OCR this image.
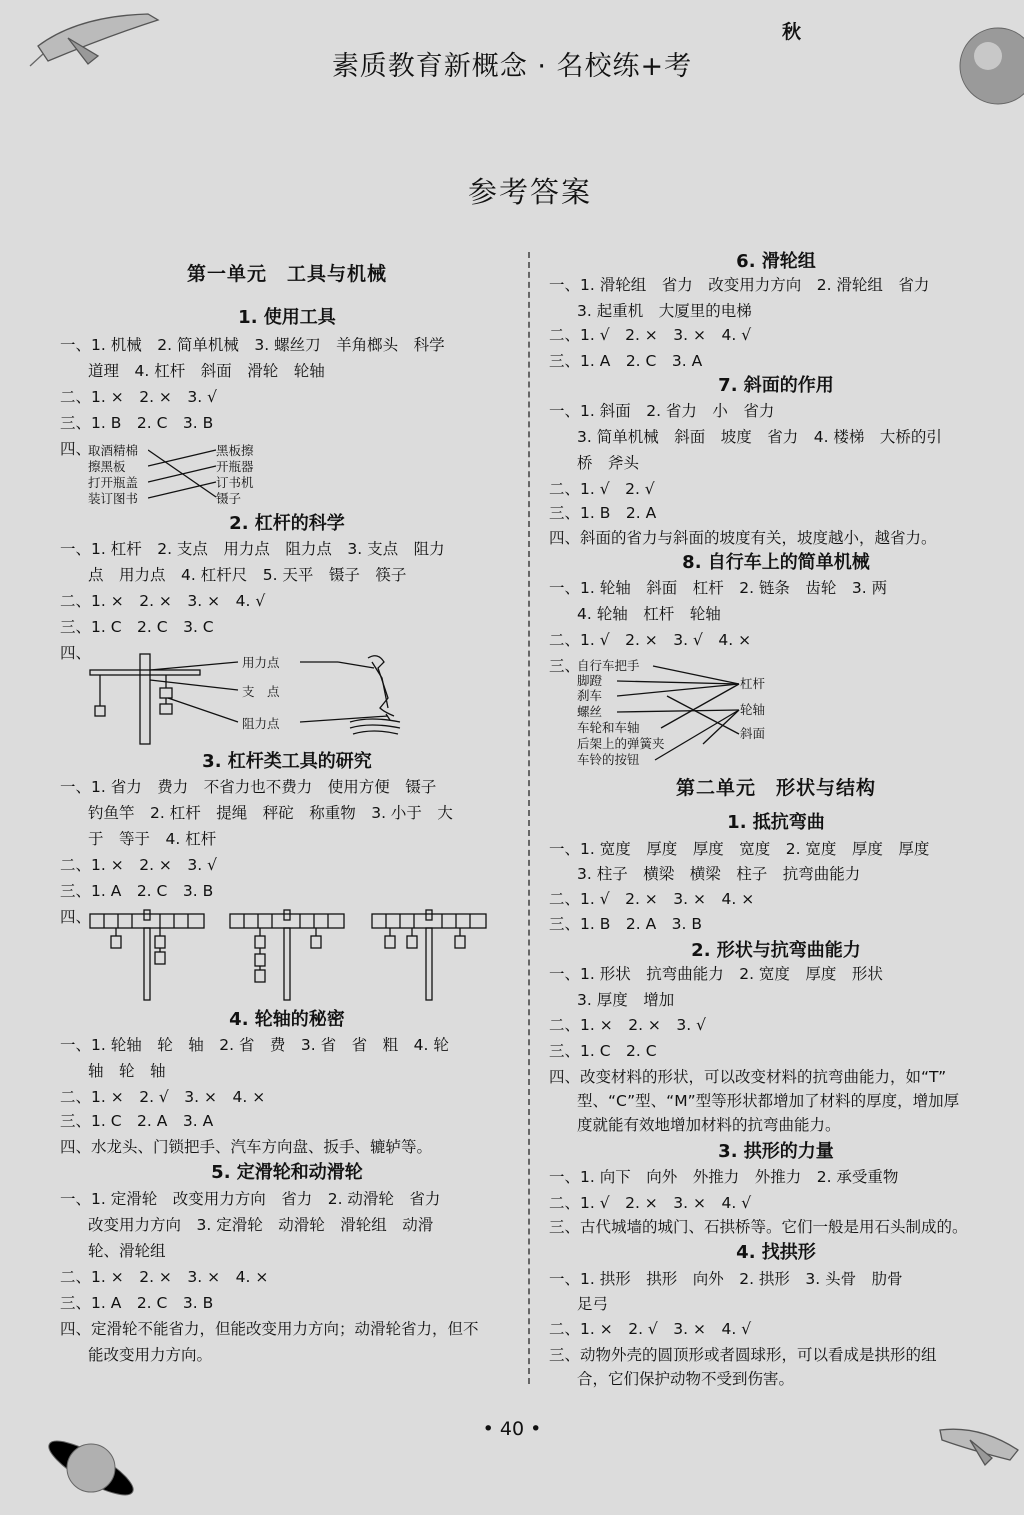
素质教育新概念 · 名校练+考
秋
参考答案
第一单元　工具与机械
1. 使用工具
一、1. 机械　2. 简单机械　3. 螺丝刀　羊角榔头　科学
道理　4. 杠杆　斜面　滑轮　轮轴
二、1. ×　2. ×　3. √
三、1. B　2. C　3. B
四、
取酒精棉
擦黑板
打开瓶盖
装订图书
黑板擦
开瓶器
订书机
镊子
2. 杠杆的科学
一、1. 杠杆　2. 支点　用力点　阻力点　3. 支点　阻力
点　用力点　4. 杠杆尺　5. 天平　镊子　筷子
二、1. ×　2. ×　3. ×　4. √
三、1. C　2. C　3. C
四、
用力点
支　点
阻力点
3. 杠杆类工具的研究
一、1. 省力　费力　不省力也不费力　使用方便　镊子
钓鱼竿　2. 杠杆　提绳　秤砣　称重物　3. 小于　大
于　等于　4. 杠杆
二、1. ×　2. ×　3. √
三、1. A　2. C　3. B
四、
4. 轮轴的秘密
一、1. 轮轴　轮　轴　2. 省　费　3. 省　省　粗　4. 轮
轴　轮　轴
二、1. ×　2. √　3. ×　4. ×
三、1. C　2. A　3. A
四、水龙头、门锁把手、汽车方向盘、扳手、辘轳等。
5. 定滑轮和动滑轮
一、1. 定滑轮　改变用力方向　省力　2. 动滑轮　省力
改变用力方向　3. 定滑轮　动滑轮　滑轮组　动滑
轮、滑轮组
二、1. ×　2. ×　3. ×　4. ×
三、1. A　2. C　3. B
四、定滑轮不能省力，但能改变用力方向；动滑轮省力，但不
能改变用力方向。
6. 滑轮组
一、1. 滑轮组　省力　改变用力方向　2. 滑轮组　省力
3. 起重机　大厦里的电梯
二、1. √　2. ×　3. ×　4. √
三、1. A　2. C　3. A
7. 斜面的作用
一、1. 斜面　2. 省力　小　省力
3. 简单机械　斜面　坡度　省力　4. 楼梯　大桥的引
桥　斧头
二、1. √　2. √
三、1. B　2. A
四、斜面的省力与斜面的坡度有关，坡度越小，越省力。
8. 自行车上的简单机械
一、1. 轮轴　斜面　杠杆　2. 链条　齿轮　3. 两
4. 轮轴　杠杆　轮轴
二、1. √　2. ×　3. √　4. ×
三、
自行车把手
脚蹬
刹车
螺丝
车轮和车轴
后架上的弹簧夹
车铃的按钮
杠杆
轮轴
斜面
第二单元　形状与结构
1. 抵抗弯曲
一、1. 宽度　厚度　厚度　宽度　2. 宽度　厚度　厚度
3. 柱子　横梁　横梁　柱子　抗弯曲能力
二、1. √　2. ×　3. ×　4. ×
三、1. B　2. A　3. B
2. 形状与抗弯曲能力
一、1. 形状　抗弯曲能力　2. 宽度　厚度　形状
3. 厚度　增加
二、1. ×　2. ×　3. √
三、1. C　2. C
四、改变材料的形状，可以改变材料的抗弯曲能力，如“T”
型、“C”型、“M”型等形状都增加了材料的厚度，增加厚
度就能有效地增加材料的抗弯曲能力。
3. 拱形的力量
一、1. 向下　向外　外推力　外推力　2. 承受重物
二、1. √　2. ×　3. ×　4. √
三、古代城墙的城门、石拱桥等。它们一般是用石头制成的。
4. 找拱形
一、1. 拱形　拱形　向外　2. 拱形　3. 头骨　肋骨
足弓
二、1. ×　2. √　3. ×　4. √
三、动物外壳的圆顶形或者圆球形，可以看成是拱形的组
合，它们保护动物不受到伤害。
• 40 •
